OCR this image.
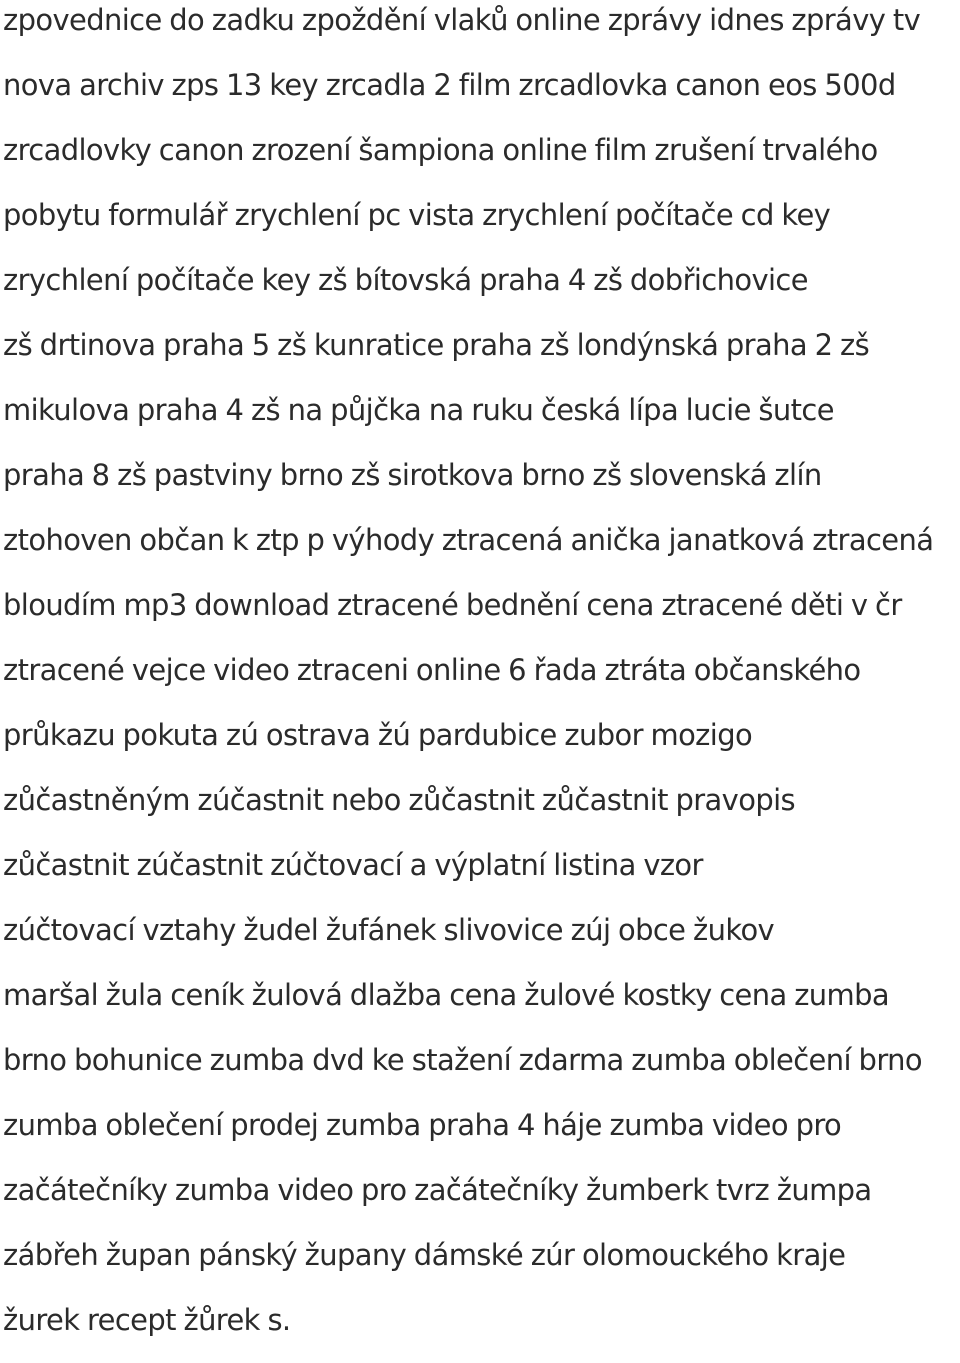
zpovednice do zadku zpoždění vlaků online zprávy idnes zprávy tv
nova archiv zps 13 key zrcadla 2 film zrcadlovka canon eos 500d
zrcadlovky canon zrození šampiona online film zrušení trvalého
pobytu formulář zrychlení pc vista zrychlení počítače cd key
zrychlení počítače key zš bítovská praha 4 zš dobřichovice
zš drtinova praha 5 zš kunratice praha zš londýnská praha 2 zš
mikulova praha 4 zš na půjčka na ruku česká lípa lucie šutce
praha 8 zš pastviny brno zš sirotkova brno zš slovenská zlín
ztohoven občan k ztp p výhody ztracená anička janatková ztracená
bloudím mp3 download ztracené bednění cena ztracené děti v čr
ztracené vejce video ztraceni online 6 řada ztráta občanského
průkazu pokuta zú ostrava žú pardubice zubor mozigo
zůčastněným zúčastnit nebo zůčastnit zůčastnit pravopis
zůčastnit zúčastnit zúčtovací a výplatní listina vzor
zúčtovací vztahy žudel žufánek slivovice zúj obce žukov
maršal žula ceník žulová dlažba cena žulové kostky cena zumba
brno bohunice zumba dvd ke stažení zdarma zumba oblečení brno
zumba oblečení prodej zumba praha 4 háje zumba video pro
začátečníky zumba video pro začátečníky žumberk tvrz žumpa
zábřeh župan pánský župany dámské zúr olomouckého kraje
žurek recept žůrek s.
